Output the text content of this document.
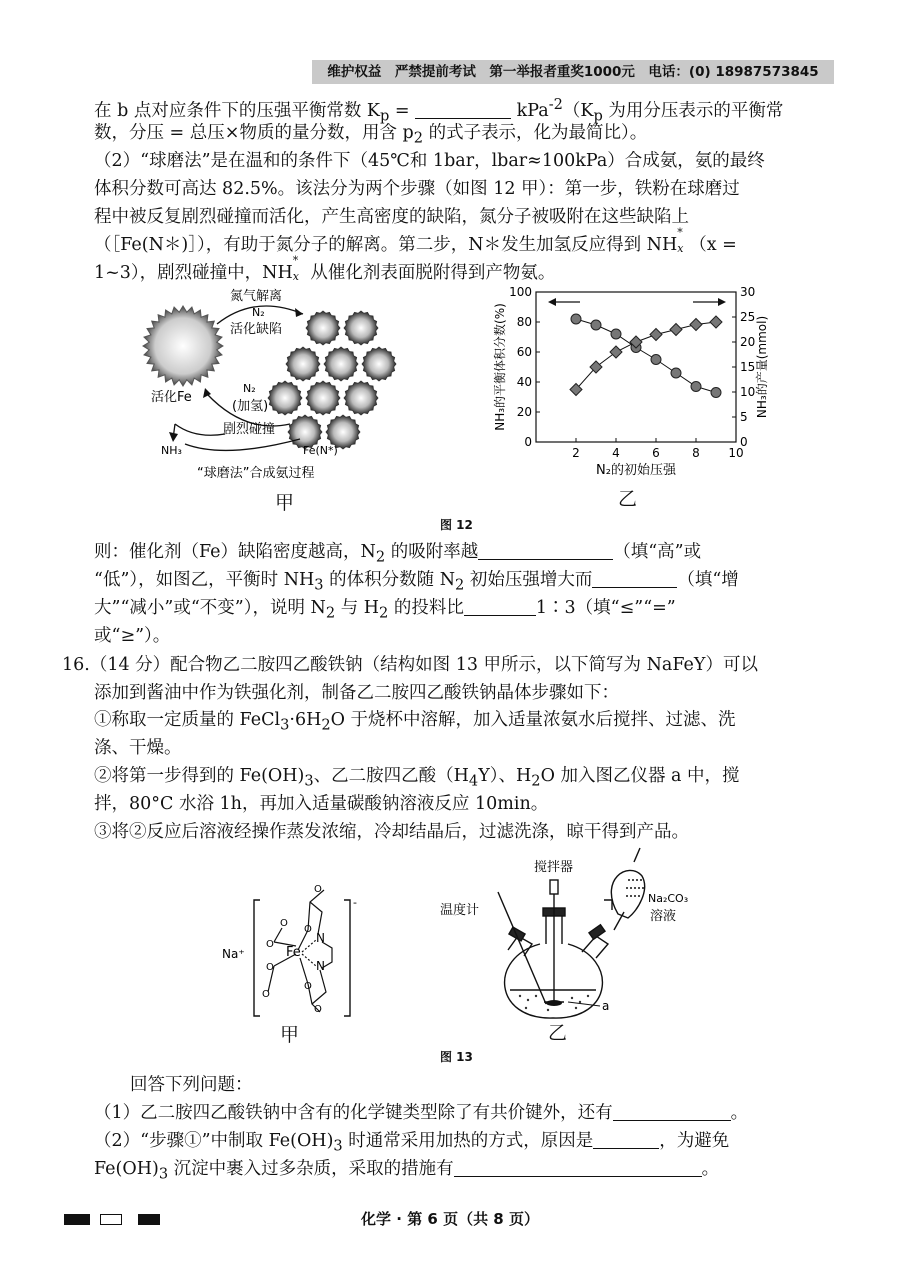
维护权益　严禁提前考试　第一举报者重奖1000元　电话：(0) 18987573845
在 b 点对应条件下的压强平衡常数 $K_p$ =	$kPa^{-2}(K_p$ 为用分压表示的平衡常
数，分压 = 总压×物质的量分数，用含 $p_2$ 的式子表示，化为最简比）。
（2）“球磨法”是在温和的条件下（45℃和 1bar，lbar≈100kPa）合成氨，氨的最终
体积分数可高达 82.5%。该法分为两个步骤（如图 12 甲）：第一步，铁粉在球磨过
程中被反复剧烈碰撞而活化，产生高密度的缺陷，氮分子被吸附在这些缺陷上
（［Fe(N＊)］），有助于氮分子的解离。第二步，N＊发生加氢反应得到 NH
*
x （x =
1~3），剧烈碰撞中，NH
*
x 从催化剂表面脱附得到产物氨。
氮气解离
N₂
活化缺陷
活化Fe
N₂
(加氢)
剧烈碰撞
NH₃	Fe(N*)
“球磨法”合成氨过程
甲
2	4	6	8 10
0
20
40
60
80
100
0
5
10
15
20
25
30
N₂的初始压强
NH₃的平衡体积分数(%)	NH₃的产量(mmol)
乙
图 12
则：催化剂（Fe）缺陷密度越高，$N_2$ 的吸附率越	（填“高”或
“低”），如图乙，平衡时 $NH_3$ 的体积分数随 $N_2$ 初始压强增大而	（填“增
大”“减小”或“不变”），说明 $N_2$ 与 $H_2$ 的投料比	1∶3（填“≤”“=”
或“≥”）。
16.（14 分）配合物乙二胺四乙酸铁钠（结构如图 13 甲所示，以下简写为 NaFeY）可以
添加到酱油中作为铁强化剂，制备乙二胺四乙酸铁钠晶体步骤如下：
①称取一定质量的 $FeCl_3\cdot 6H_2O$ 于烧杯中溶解，加入适量浓氨水后搅拌、过滤、洗
涤、干燥。
②将第一步得到的 $Fe(OH)_3$、乙二胺四乙酸$(H_4Y)$、$H_2O$ 加入图乙仪器 a 中，搅
拌，80°C 水浴 1h，再加入适量碳酸钠溶液反应 10min。
③将②反应后溶液经操作蒸发浓缩，冷却结晶后，过滤洗涤，晾干得到产品。
-
Na⁺	Fe
N
N
O
O
O
O
O
O
O
O
甲
搅拌器
温度计
Na₂CO₃
溶液
a
乙
图 13
回答下列问题：
（1）乙二胺四乙酸铁钠中含有的化学键类型除了有共价键外，还有	。
（2）“步骤①”中制取 $Fe(OH)_3$ 时通常采用加热的方式，原因是	，为避免
$Fe(OH)_3$ 沉淀中裹入过多杂质，采取的措施有	。
化学 · 第 6 页（共 8 页）
